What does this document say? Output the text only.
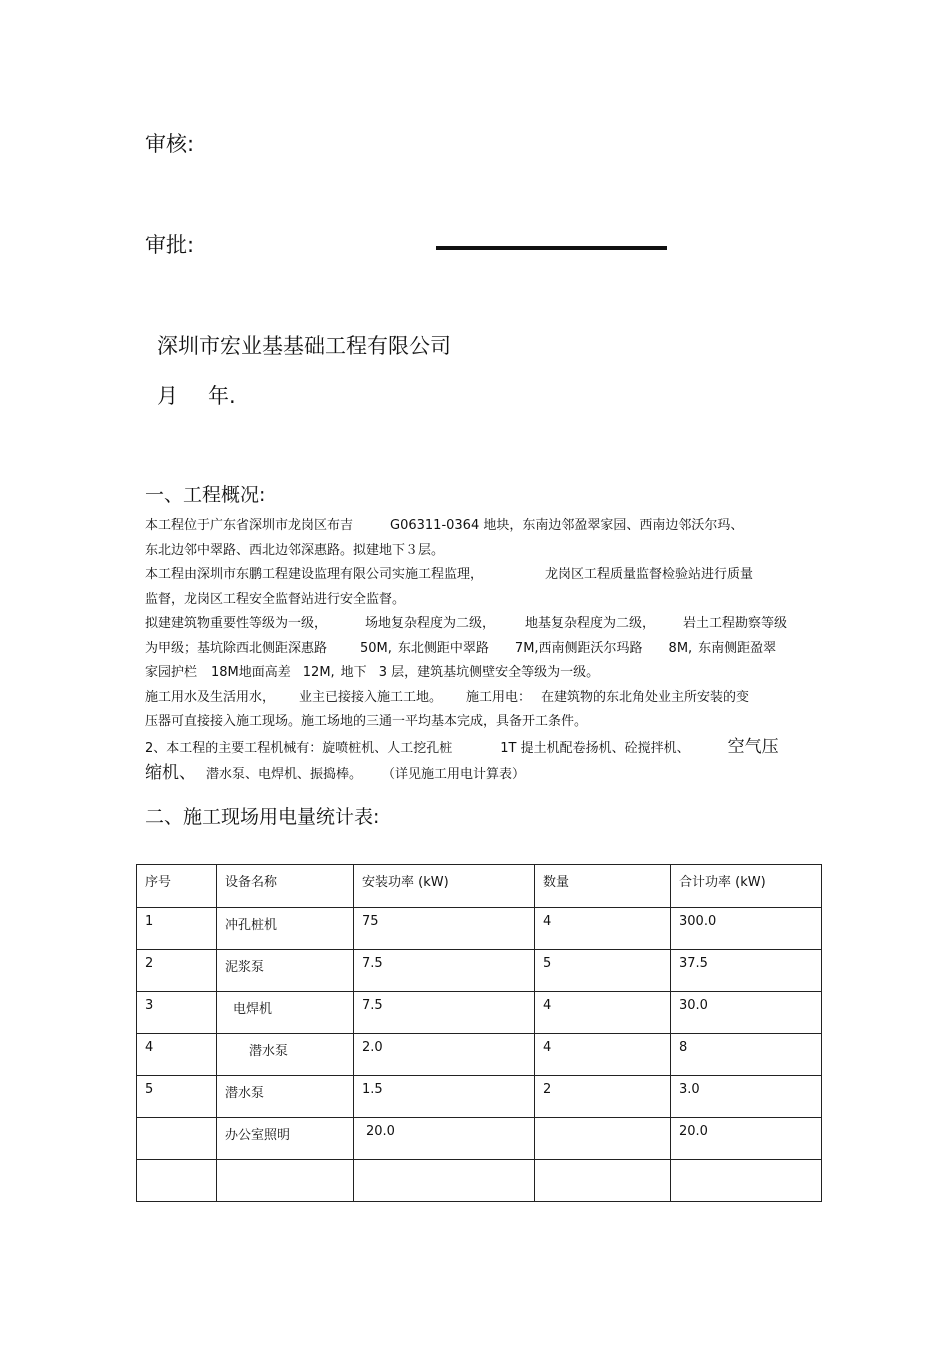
审核:
审批:
深圳市宏业基基础工程有限公司
月 年.
一、工程概况:
本工程位于广东省深圳市龙岗区布吉	G06311-0364 地块，东南边邻盈翠家园、西南边邻沃尔玛、
东北边邻中翠路、西北边邻深惠路。拟建地下３层。
本工程由深圳市东鹏工程建设监理有限公司实施工程监理，	龙岗区工程质量监督检验站进行质量
监督，龙岗区工程安全监督站进行安全监督。
拟建建筑物重要性等级为一级，	场地复杂程度为二级， 地基复杂程度为二级， 岩土工程勘察等级
为甲级；基坑除西北侧距深惠路	50M, 东北侧距中翠路 7M,西南侧距沃尔玛路 8M, 东南侧距盈翠
家园护栏 18M地面高差 12M, 地下 3 层，建筑基坑侧壁安全等级为一级。
施工用水及生活用水， 业主已接接入施工工地。 施工用电： 在建筑物的东北角处业主所安装的变
压器可直接接入施工现场。施工场地的三通一平均基本完成，具备开工条件。
2、本工程的主要工程机械有：旋喷桩机、人工挖孔桩	1T 提土机配卷扬机、砼搅拌机、 空气压
缩机、 潜水泵、电焊机、振捣棒。 （详见施工用电计算表）
二、施工现场用电量统计表:
序号	设备名称	安装功率 (kW)	数量	合计功率 (kW)
1	冲孔桩机	75	4	300.0
2	泥浆泵	7.5	5	37.5
3	电焊机	7.5	4	30.0
4	潜水泵	2.0	4	8
5	潜水泵	1.5	2	3.0
	办公室照明	20.0		20.0
